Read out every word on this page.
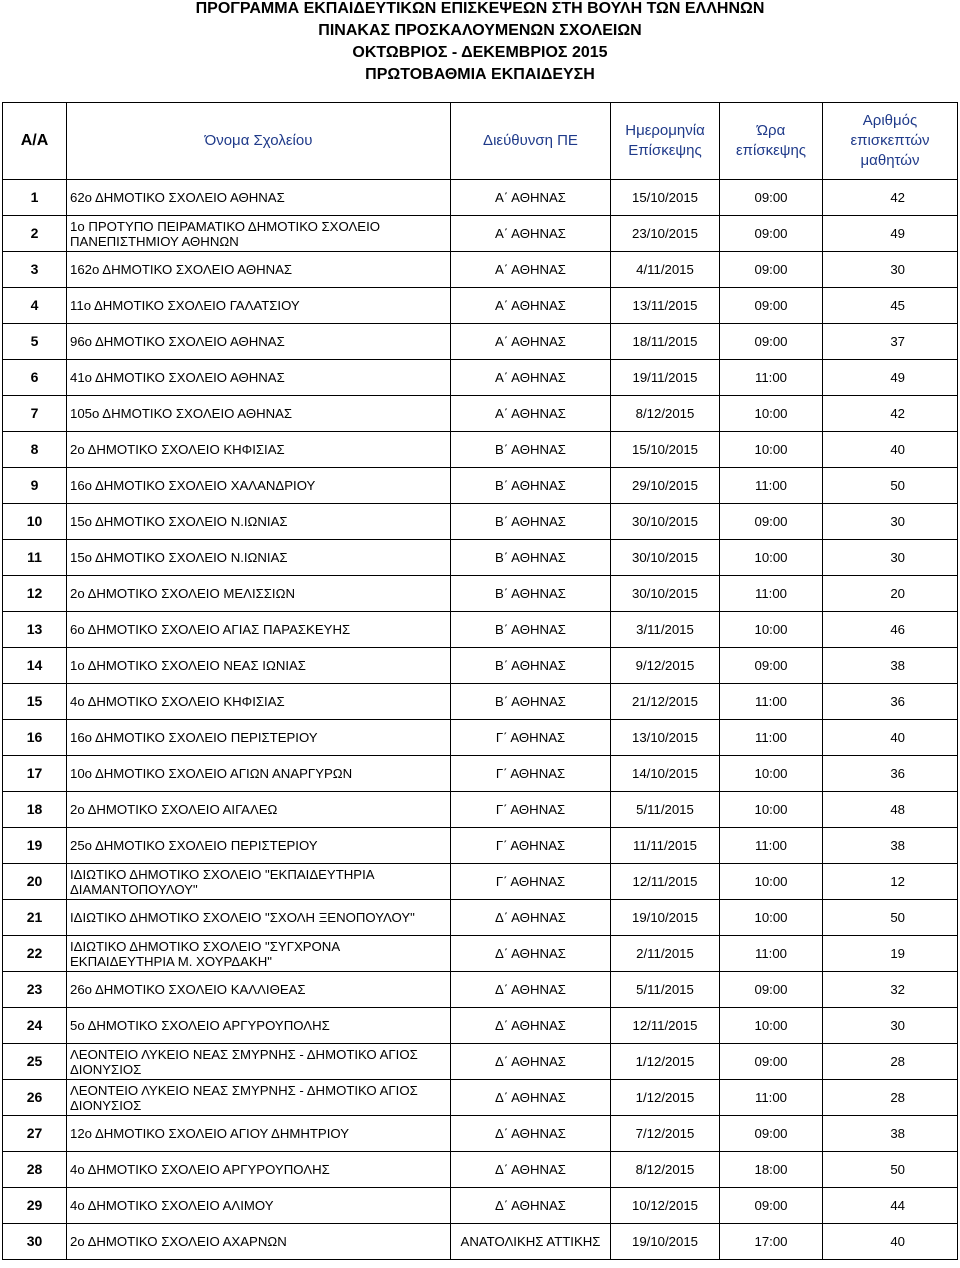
ΠΡΟΓΡΑΜΜΑ ΕΚΠΑΙΔΕΥΤΙΚΩΝ ΕΠΙΣΚΕΨΕΩΝ ΣΤΗ ΒΟΥΛΗ ΤΩΝ ΕΛΛΗΝΩΝ
ΠΙΝΑΚΑΣ ΠΡΟΣΚΑΛΟΥΜΕΝΩΝ ΣΧΟΛΕΙΩΝ
ΟΚΤΩΒΡΙΟΣ - ΔΕΚΕΜΒΡΙΟΣ 2015
ΠΡΩΤΟΒΑΘΜΙΑ ΕΚΠΑΙΔΕΥΣΗ
Α/Α	Όνομα Σχολείου	Διεύθυνση ΠΕ	Ημερομηνία Επίσκεψης	Ώρα επίσκεψης	Αριθμός επισκεπτών μαθητών
1	62ο ΔΗΜΟΤΙΚΟ ΣΧΟΛΕΙΟ ΑΘΗΝΑΣ	Α΄ ΑΘΗΝΑΣ	15/10/2015	09:00	42
2	1ο ΠΡΟΤΥΠΟ ΠΕΙΡΑΜΑΤΙΚΟ ΔΗΜΟΤΙΚΟ ΣΧΟΛΕΙΟ ΠΑΝΕΠΙΣΤΗΜΙΟΥ ΑΘΗΝΩΝ	Α΄ ΑΘΗΝΑΣ	23/10/2015	09:00	49
3	162ο ΔΗΜΟΤΙΚΟ ΣΧΟΛΕΙΟ ΑΘΗΝΑΣ	Α΄ ΑΘΗΝΑΣ	4/11/2015	09:00	30
4	11ο ΔΗΜΟΤΙΚΟ ΣΧΟΛΕΙΟ ΓΑΛΑΤΣΙΟΥ	Α΄ ΑΘΗΝΑΣ	13/11/2015	09:00	45
5	96ο ΔΗΜΟΤΙΚΟ ΣΧΟΛΕΙΟ ΑΘΗΝΑΣ	Α΄ ΑΘΗΝΑΣ	18/11/2015	09:00	37
6	41ο ΔΗΜΟΤΙΚΟ ΣΧΟΛΕΙΟ ΑΘΗΝΑΣ	Α΄ ΑΘΗΝΑΣ	19/11/2015	11:00	49
7	105ο ΔΗΜΟΤΙΚΟ ΣΧΟΛΕΙΟ ΑΘΗΝΑΣ	Α΄ ΑΘΗΝΑΣ	8/12/2015	10:00	42
8	2ο ΔΗΜΟΤΙΚΟ ΣΧΟΛΕΙΟ ΚΗΦΙΣΙΑΣ	Β΄ ΑΘΗΝΑΣ	15/10/2015	10:00	40
9	16ο ΔΗΜΟΤΙΚΟ ΣΧΟΛΕΙΟ ΧΑΛΑΝΔΡΙΟΥ	Β΄ ΑΘΗΝΑΣ	29/10/2015	11:00	50
10	15ο ΔΗΜΟΤΙΚΟ ΣΧΟΛΕΙΟ Ν.ΙΩΝΙΑΣ	Β΄ ΑΘΗΝΑΣ	30/10/2015	09:00	30
11	15ο ΔΗΜΟΤΙΚΟ ΣΧΟΛΕΙΟ Ν.ΙΩΝΙΑΣ	Β΄ ΑΘΗΝΑΣ	30/10/2015	10:00	30
12	2ο ΔΗΜΟΤΙΚΟ ΣΧΟΛΕΙΟ ΜΕΛΙΣΣΙΩΝ	Β΄ ΑΘΗΝΑΣ	30/10/2015	11:00	20
13	6ο ΔΗΜΟΤΙΚΟ ΣΧΟΛΕΙΟ ΑΓΙΑΣ ΠΑΡΑΣΚΕΥΗΣ	Β΄ ΑΘΗΝΑΣ	3/11/2015	10:00	46
14	1ο ΔΗΜΟΤΙΚΟ ΣΧΟΛΕΙΟ ΝΕΑΣ ΙΩΝΙΑΣ	Β΄ ΑΘΗΝΑΣ	9/12/2015	09:00	38
15	4ο ΔΗΜΟΤΙΚΟ ΣΧΟΛΕΙΟ ΚΗΦΙΣΙΑΣ	Β΄ ΑΘΗΝΑΣ	21/12/2015	11:00	36
16	16ο ΔΗΜΟΤΙΚΟ ΣΧΟΛΕΙΟ ΠΕΡΙΣΤΕΡΙΟΥ	Γ΄ ΑΘΗΝΑΣ	13/10/2015	11:00	40
17	10ο ΔΗΜΟΤΙΚΟ ΣΧΟΛΕΙΟ ΑΓΙΩΝ ΑΝΑΡΓΥΡΩΝ	Γ΄ ΑΘΗΝΑΣ	14/10/2015	10:00	36
18	2ο ΔΗΜΟΤΙΚΟ ΣΧΟΛΕΙΟ ΑΙΓΑΛΕΩ	Γ΄ ΑΘΗΝΑΣ	5/11/2015	10:00	48
19	25ο ΔΗΜΟΤΙΚΟ ΣΧΟΛΕΙΟ ΠΕΡΙΣΤΕΡΙΟΥ	Γ΄ ΑΘΗΝΑΣ	11/11/2015	11:00	38
20	ΙΔΙΩΤΙΚΟ ΔΗΜΟΤΙΚΟ ΣΧΟΛΕΙΟ "ΕΚΠΑΙΔΕΥΤΗΡΙΑ ΔΙΑΜΑΝΤΟΠΟΥΛΟΥ"	Γ΄ ΑΘΗΝΑΣ	12/11/2015	10:00	12
21	ΙΔΙΩΤΙΚΟ ΔΗΜΟΤΙΚΟ ΣΧΟΛΕΙΟ "ΣΧΟΛΗ ΞΕΝΟΠΟΥΛΟΥ"	Δ΄ ΑΘΗΝΑΣ	19/10/2015	10:00	50
22	ΙΔΙΩΤΙΚΟ ΔΗΜΟΤΙΚΟ ΣΧΟΛΕΙΟ "ΣΥΓΧΡΟΝΑ ΕΚΠΑΙΔΕΥΤΗΡΙΑ Μ. ΧΟΥΡΔΑΚΗ"	Δ΄ ΑΘΗΝΑΣ	2/11/2015	11:00	19
23	26ο ΔΗΜΟΤΙΚΟ ΣΧΟΛΕΙΟ ΚΑΛΛΙΘΕΑΣ	Δ΄ ΑΘΗΝΑΣ	5/11/2015	09:00	32
24	5ο ΔΗΜΟΤΙΚΟ ΣΧΟΛΕΙΟ ΑΡΓΥΡΟΥΠΟΛΗΣ	Δ΄ ΑΘΗΝΑΣ	12/11/2015	10:00	30
25	ΛΕΟΝΤΕΙΟ ΛΥΚΕΙΟ ΝΕΑΣ ΣΜΥΡΝΗΣ - ΔΗΜΟΤΙΚΟ ΑΓΙΟΣ ΔΙΟΝΥΣΙΟΣ	Δ΄ ΑΘΗΝΑΣ	1/12/2015	09:00	28
26	ΛΕΟΝΤΕΙΟ ΛΥΚΕΙΟ ΝΕΑΣ ΣΜΥΡΝΗΣ - ΔΗΜΟΤΙΚΟ ΑΓΙΟΣ ΔΙΟΝΥΣΙΟΣ	Δ΄ ΑΘΗΝΑΣ	1/12/2015	11:00	28
27	12ο ΔΗΜΟΤΙΚΟ ΣΧΟΛΕΙΟ ΑΓΙΟΥ ΔΗΜΗΤΡΙΟΥ	Δ΄ ΑΘΗΝΑΣ	7/12/2015	09:00	38
28	4ο ΔΗΜΟΤΙΚΟ ΣΧΟΛΕΙΟ ΑΡΓΥΡΟΥΠΟΛΗΣ	Δ΄ ΑΘΗΝΑΣ	8/12/2015	18:00	50
29	4ο ΔΗΜΟΤΙΚΟ ΣΧΟΛΕΙΟ ΑΛΙΜΟΥ	Δ΄ ΑΘΗΝΑΣ	10/12/2015	09:00	44
30	2ο ΔΗΜΟΤΙΚΟ ΣΧΟΛΕΙΟ ΑΧΑΡΝΩΝ	ΑΝΑΤΟΛΙΚΗΣ ΑΤΤΙΚΗΣ	19/10/2015	17:00	40
